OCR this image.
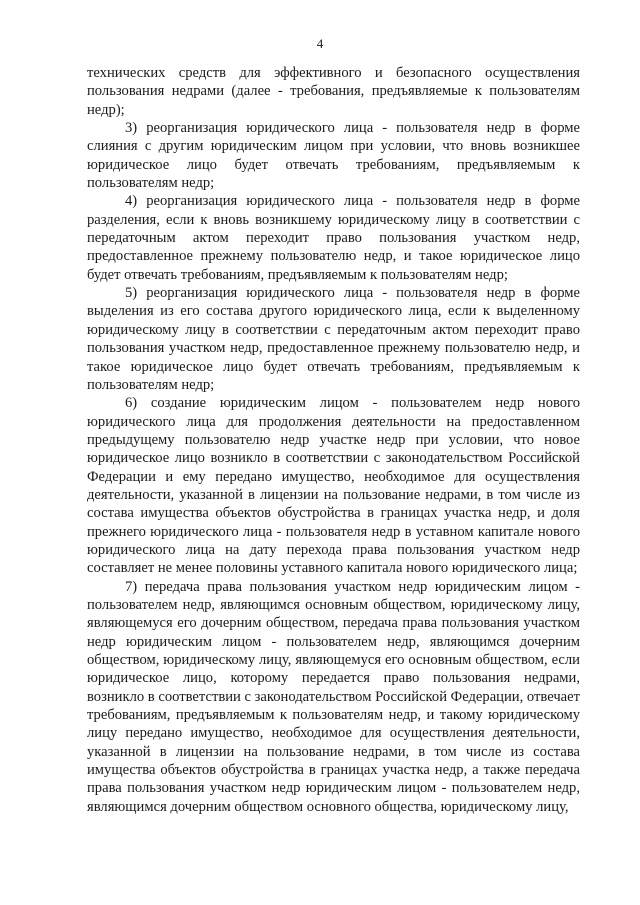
4

технических средств для эффективного и безопасного осуществления пользования недрами (далее - требования, предъявляемые к пользователям недр);

3) реорганизация юридического лица - пользователя недр в форме слияния с другим юридическим лицом при условии, что вновь возникшее юридическое лицо будет отвечать требованиям, предъявляемым к пользователям недр;

4) реорганизация юридического лица - пользователя недр в форме разделения, если к вновь возникшему юридическому лицу в соответствии с передаточным актом переходит право пользования участком недр, предоставленное прежнему пользователю недр, и такое юридическое лицо будет отвечать требованиям, предъявляемым к пользователям недр;

5) реорганизация юридического лица - пользователя недр в форме выделения из его состава другого юридического лица, если к выделенному юридическому лицу в соответствии с передаточным актом переходит право пользования участком недр, предоставленное прежнему пользователю недр, и такое юридическое лицо будет отвечать требованиям, предъявляемым к пользователям недр;

6) создание юридическим лицом - пользователем недр нового юридического лица для продолжения деятельности на предоставленном предыдущему пользователю недр участке недр при условии, что новое юридическое лицо возникло в соответствии с законодательством Российской Федерации и ему передано имущество, необходимое для осуществления деятельности, указанной в лицензии на пользование недрами, в том числе из состава имущества объектов обустройства в границах участка недр, и доля прежнего юридического лица - пользователя недр в уставном капитале нового юридического лица на дату перехода права пользования участком недр составляет не менее половины уставного капитала нового юридического лица;

7) передача права пользования участком недр юридическим лицом - пользователем недр, являющимся основным обществом, юридическому лицу, являющемуся его дочерним обществом, передача права пользования участком недр юридическим лицом - пользователем недр, являющимся дочерним обществом, юридическому лицу, являющемуся его основным обществом, если юридическое лицо, которому передается право пользования недрами, возникло в соответствии с законодательством Российской Федерации, отвечает требованиям, предъявляемым к пользователям недр, и такому юридическому лицу передано имущество, необходимое для осуществления деятельности, указанной в лицензии на пользование недрами, в том числе из состава имущества объектов обустройства в границах участка недр, а также передача права пользования участком недр юридическим лицом - пользователем недр, являющимся дочерним обществом основного общества, юридическому лицу,
